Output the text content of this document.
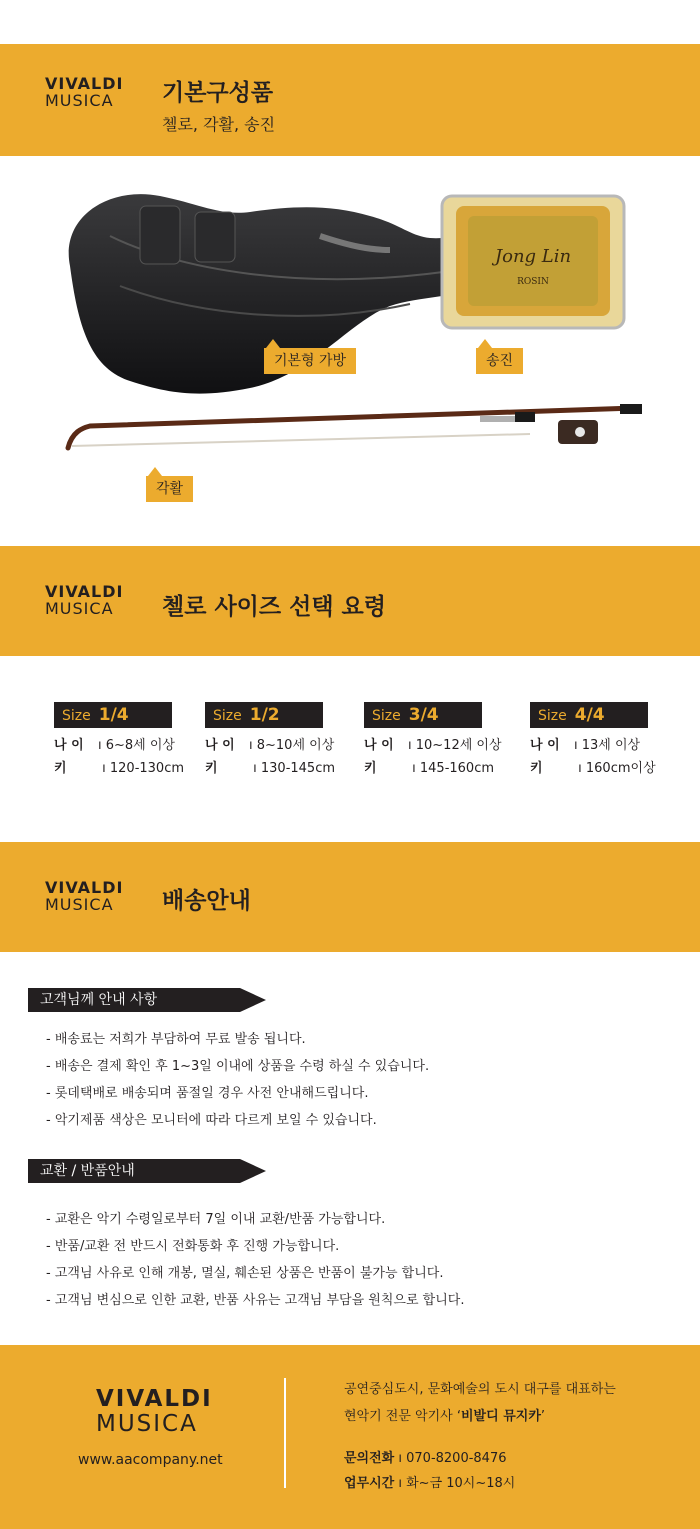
VIVALDI
MUSICA	기본구성품
첼로, 각활, 송진
Jong Lin
ROSIN
기본형 가방	송진
각활
VIVALDI
MUSICA	첼로 사이즈 선택 요령
Size 1/4
나 이 ı 6~8세 이상
키 ı 120-130cm
Size 1/2
나 이 ı 8~10세 이상
키 ı 130-145cm
Size 3/4
나 이 ı 10~12세 이상
키 ı 145-160cm
Size 4/4
나 이 ı 13세 이상
키 ı 160cm이상
VIVALDI
MUSICA	배송안내
고객님께 안내 사항
- 배송료는 저희가 부담하여 무료 발송 됩니다.
- 배송은 결제 확인 후 1~3일 이내에 상품을 수령 하실 수 있습니다.
- 롯데택배로 배송되며 품절일 경우 사전 안내해드립니다.
- 악기제품 색상은 모니터에 따라 다르게 보일 수 있습니다.
교환 / 반품안내
- 교환은 악기 수령일로부터 7일 이내 교환/반품 가능합니다.
- 반품/교환 전 반드시 전화통화 후 진행 가능합니다.
- 고객님 사유로 인해 개봉, 멸실, 훼손된 상품은 반품이 불가능 합니다.
- 고객님 변심으로 인한 교환, 반품 사유는 고객님 부담을 원칙으로 합니다.
VIVALDI
MUSICA
www.aacompany.net
공연중심도시, 문화예술의 도시 대구를 대표하는
현악기 전문 악기사 ‘비발디 뮤지카’
문의전화 ı 070-8200-8476
업무시간 ı 화~금 10시~18시
